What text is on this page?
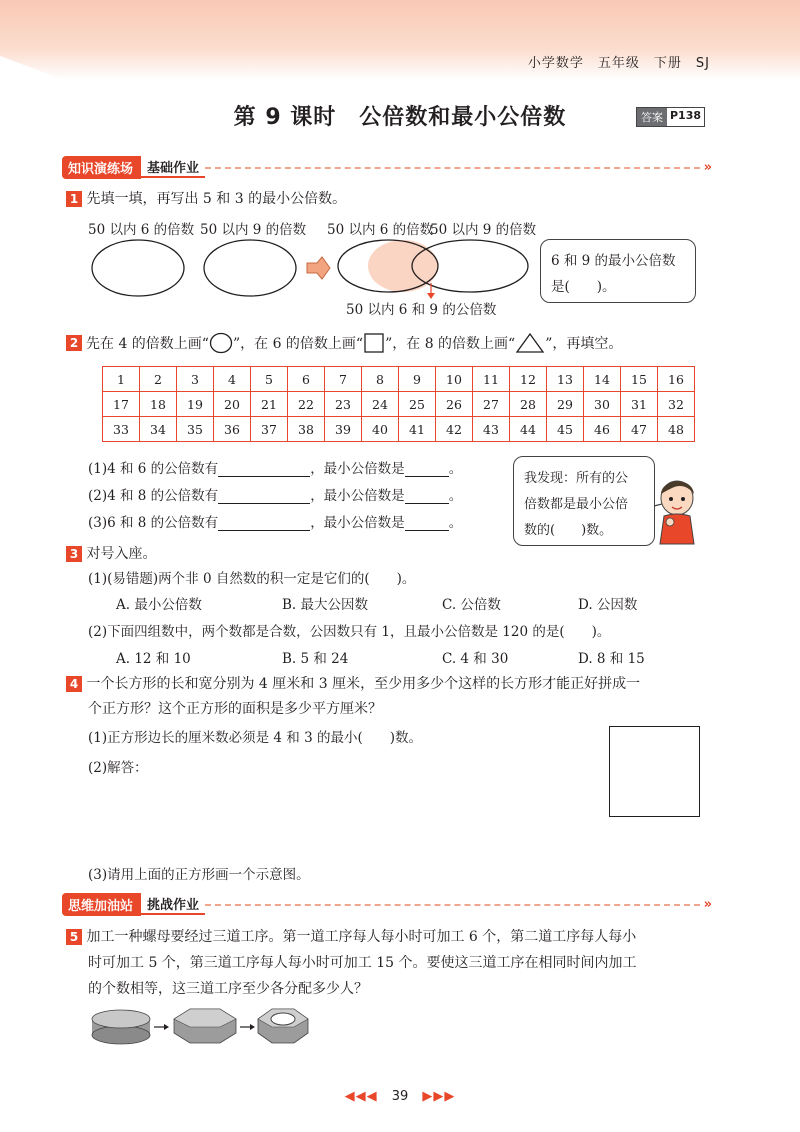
小学数学　五年级　下册　SJ
第 9 课时　公倍数和最小公倍数	答案 P138
知识演练场	基础作业	»
1 先填一填，再写出 5 和 3 的最小公倍数。
50 以内 6 的倍数 50 以内 9 的倍数 50 以内 6 的倍数
50 以内 9 的倍数
50 以内 6 和 9 的公倍数
6 和 9 的最小公倍数
是(　　)。
2 先在 4 的倍数上画“ ”，在 6 的倍数上画“ ”，在 8 的倍数上画“ ”，再填空。
1	2	3	4	5	6	7	8	9	10	11	12	13	14	15	16
17	18	19	20	21	22	23	24	25	26	27	28	29	30	31	32
33	34	35	36	37	38	39	40	41	42	43	44	45	46	47	48
(1)4 和 6 的公倍数有	，最小公倍数是	。
(2)4 和 8 的公倍数有	，最小公倍数是	。
(3)6 和 8 的公倍数有	，最小公倍数是	。
我发现：所有的公
倍数都是最小公倍
数的(　　)数。
3 对号入座。
(1)(易错题)两个非 0 自然数的积一定是它们的(　　)。
A. 最小公倍数	B. 最大公因数	C. 公倍数	D. 公因数
(2)下面四组数中，两个数都是合数，公因数只有 1，且最小公倍数是 120 的是(　　)。
A. 12 和 10	B. 5 和 24	C. 4 和 30	D. 8 和 15
4 一个长方形的长和宽分别为 4 厘米和 3 厘米，至少用多少个这样的长方形才能正好拼成一
个正方形？这个正方形的面积是多少平方厘米？
(1)正方形边长的厘米数必须是 4 和 3 的最小(　　)数。
(2)解答：
(3)请用上面的正方形画一个示意图。
思维加油站	挑战作业	»
5 加工一种螺母要经过三道工序。第一道工序每人每小时可加工 6 个，第二道工序每人每小
时可加工 5 个，第三道工序每人每小时可加工 15 个。要使这三道工序在相同时间内加工
的个数相等，这三道工序至少各分配多少人？
◀◀◀ 39 ▶▶▶
